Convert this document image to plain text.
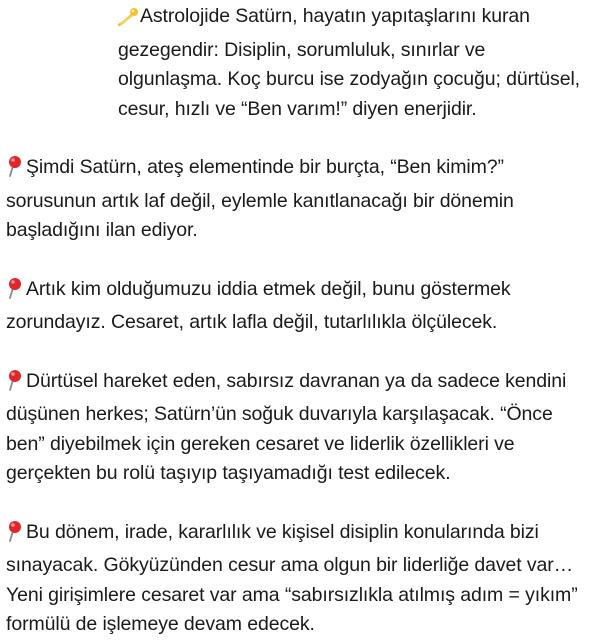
Astrolojide Satürn, hayatın yapıtaşlarını kuran gezegendir: Disiplin, sorumluluk, sınırlar ve olgunlaşma. Koç burcu ise zodyağın çocuğu; dürtüsel, cesur, hızlı ve “Ben varım!” diyen enerjidir.

Şimdi Satürn, ateş elementinde bir burçta, “Ben kimim?” sorusunun artık laf değil, eylemle kanıtlanacağı bir dönemin başladığını ilan ediyor.

Artık kim olduğumuzu iddia etmek değil, bunu göstermek zorundayız. Cesaret, artık lafla değil, tutarlılıkla ölçülecek.

Dürtüsel hareket eden, sabırsız davranan ya da sadece kendini düşünen herkes; Satürn’ün soğuk duvarıyla karşılaşacak. “Önce ben” diyebilmek için gereken cesaret ve liderlik özellikleri ve gerçekten bu rolü taşıyıp taşıyamadığı test edilecek.

Bu dönem, irade, kararlılık ve kişisel disiplin konularında bizi sınayacak. Gökyüzünden cesur ama olgun bir liderliğe davet var… Yeni girişimlere cesaret var ama “sabırsızlıkla atılmış adım = yıkım” formülü de işlemeye devam edecek.
